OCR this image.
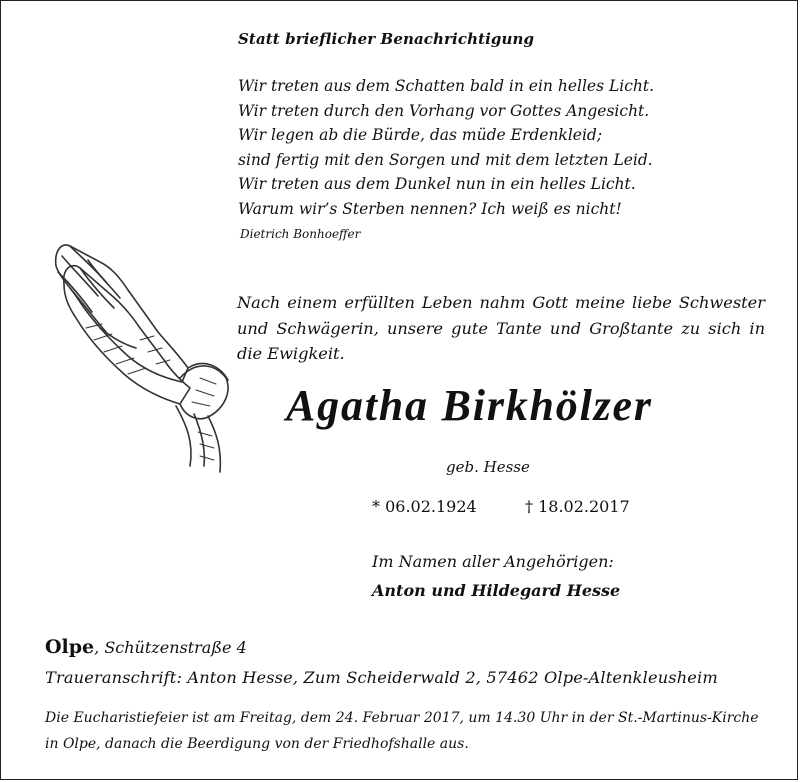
Statt brieflicher Benachrichtigung
Wir treten aus dem Schatten bald in ein helles Licht.
Wir treten durch den Vorhang vor Gottes Angesicht.
Wir legen ab die Bürde, das müde Erdenkleid;
sind fertig mit den Sorgen und mit dem letzten Leid.
Wir treten aus dem Dunkel nun in ein helles Licht.
Warum wir’s Sterben nennen? Ich weiß es nicht!
Dietrich Bonhoeffer
Nach einem erfüllten Leben nahm Gott meine liebe Schwester und Schwägerin, unsere gute Tante und Großtante zu sich in die Ewigkeit.
Agatha Birkhölzer
geb. Hesse
* 06.02.1924	† 18.02.2017
Im Namen aller Angehörigen:
Anton und Hildegard Hesse
Olpe, Schützenstraße 4
Traueranschrift: Anton Hesse, Zum Scheiderwald 2, 57462 Olpe-Altenkleusheim
Die Eucharistiefeier ist am Freitag, dem 24. Februar 2017, um 14.30 Uhr in der St.-Martinus-Kirche in Olpe, danach die Beerdigung von der Friedhofshalle aus.
